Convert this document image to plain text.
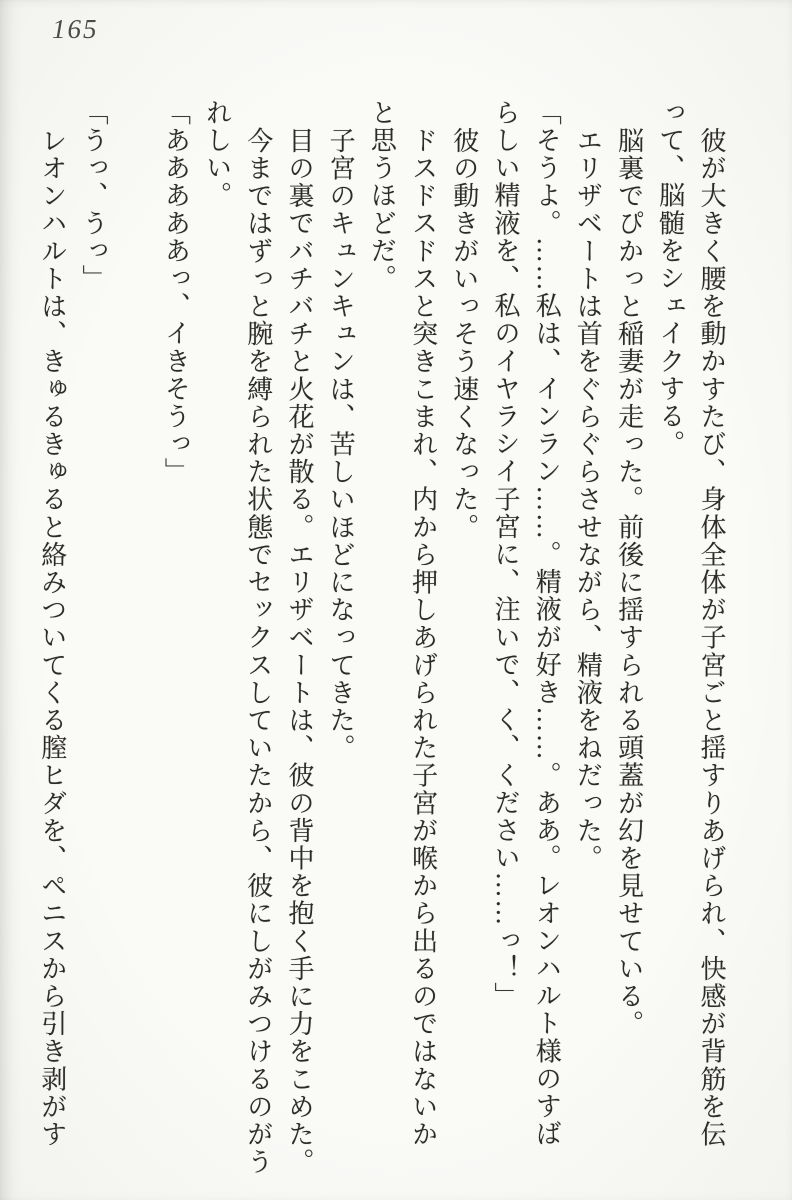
165
彼が大きく腰を動かすたび、身体全体が子宮ごと揺すりあげられ、快感が背筋を伝
って、脳髄をシェイクする。
脳裏でぴかっと稲妻が走った。前後に揺すられる頭蓋が幻を見せている。
エリザベートは首をぐらぐらさせながら、精液をねだった。
「そうよ。……私は、インラン……。精液が好き……。ああ。レオンハルト様のすば
らしい精液を、私のイヤラシイ子宮に、注いで、く、ください……っ！」
彼の動きがいっそう速くなった。
ドスドスドスと突きこまれ、内から押しあげられた子宮が喉から出るのではないか
と思うほどだ。
子宮のキュンキュンは、苦しいほどになってきた。
目の裏でバチバチと火花が散る。エリザベートは、彼の背中を抱く手に力をこめた。
今まではずっと腕を縛られた状態でセックスしていたから、彼にしがみつけるのがう
れしい。
「あああああっ、イきそうっ」

「うっ、うっ」
レオンハルトは、きゅるきゅると絡みついてくる膣ヒダを、ペニスから引き剥がす
